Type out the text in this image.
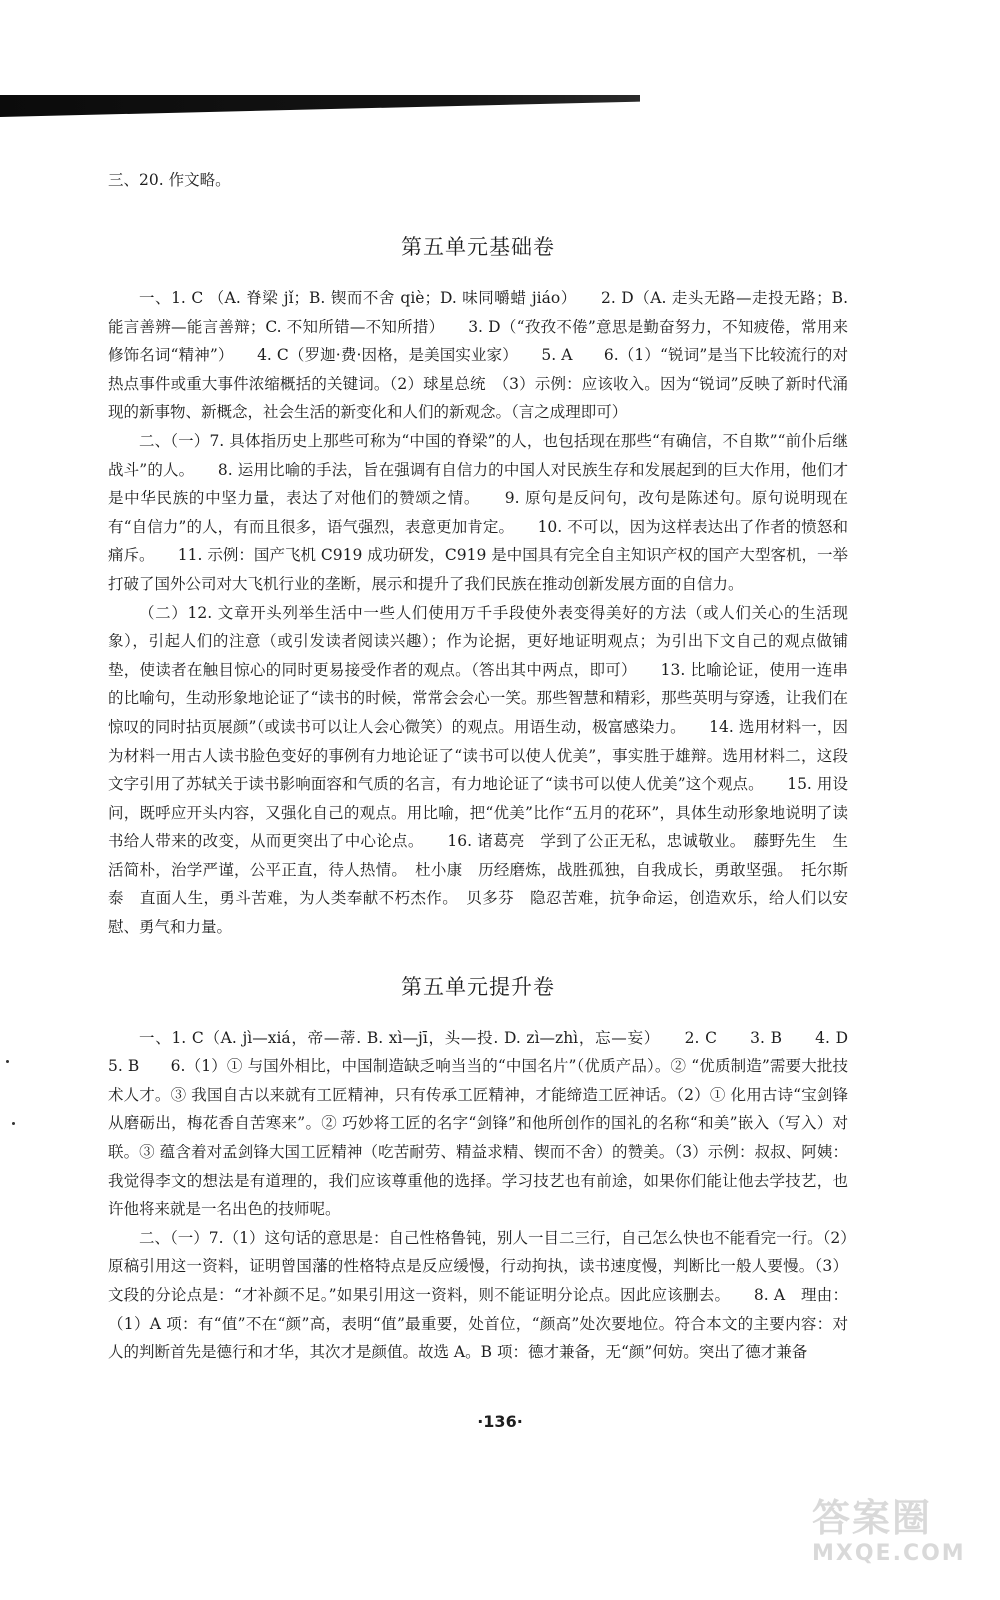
三、20. 作文略。

第五单元基础卷

一、1. C （A. 脊梁 jǐ；B. 锲而不舍 qiè；D. 味同嚼蜡 jiáo）　　2. D（A. 走头无路—走投无路；B. 能言善辨—能言善辩；C. 不知所错—不知所措）　　3. D（“孜孜不倦”意思是勤奋努力，不知疲倦，常用来修饰名词“精神”）　　4. C（罗迦·费·因格，是美国实业家）　　5. A　　6.（1）“锐词”是当下比较流行的对热点事件或重大事件浓缩概括的关键词。（2）球星总统　（3）示例：应该收入。因为“锐词”反映了新时代涌现的新事物、新概念，社会生活的新变化和人们的新观念。（言之成理即可）

二、（一）7. 具体指历史上那些可称为“中国的脊梁”的人，也包括现在那些“有确信，不自欺”“前仆后继战斗”的人。　　8. 运用比喻的手法，旨在强调有自信力的中国人对民族生存和发展起到的巨大作用，他们才是中华民族的中坚力量，表达了对他们的赞颂之情。　　9. 原句是反问句，改句是陈述句。原句说明现在有“自信力”的人，有而且很多，语气强烈，表意更加肯定。　　10. 不可以，因为这样表达出了作者的愤怒和痛斥。　　11. 示例：国产飞机 C919 成功研发，C919 是中国具有完全自主知识产权的国产大型客机，一举打破了国外公司对大飞机行业的垄断，展示和提升了我们民族在推动创新发展方面的自信力。

（二）12. 文章开头列举生活中一些人们使用万千手段使外表变得美好的方法（或人们关心的生活现象），引起人们的注意（或引发读者阅读兴趣）；作为论据，更好地证明观点；为引出下文自己的观点做铺垫，使读者在触目惊心的同时更易接受作者的观点。（答出其中两点，即可）　　13. 比喻论证，使用一连串的比喻句，生动形象地论证了“读书的时候，常常会会心一笑。那些智慧和精彩，那些英明与穿透，让我们在惊叹的同时拈页展颜”（或读书可以让人会心微笑）的观点。用语生动，极富感染力。　　14. 选用材料一，因为材料一用古人读书脸色变好的事例有力地论证了“读书可以使人优美”，事实胜于雄辩。选用材料二，这段文字引用了苏轼关于读书影响面容和气质的名言，有力地论证了“读书可以使人优美”这个观点。　　15. 用设问，既呼应开头内容，又强化自己的观点。用比喻，把“优美”比作“五月的花环”，具体生动形象地说明了读书给人带来的改变，从而更突出了中心论点。　　16. 诸葛亮　学到了公正无私，忠诚敬业。　藤野先生　生活简朴，治学严谨，公平正直，待人热情。　杜小康　历经磨炼，战胜孤独，自我成长，勇敢坚强。　托尔斯泰　直面人生，勇斗苦难，为人类奉献不朽杰作。　贝多芬　隐忍苦难，抗争命运，创造欢乐，给人们以安慰、勇气和力量。

第五单元提升卷

一、1. C（A. jì—xiá，帝—蒂. B. xì—jī，头—投. D. zì—zhì，忘—妄）　　2. C　　3. B　　4. D　　5. B　　6.（1）① 与国外相比，中国制造缺乏响当当的“中国名片”（优质产品）。② “优质制造”需要大批技术人才。③ 我国自古以来就有工匠精神，只有传承工匠精神，才能缔造工匠神话。（2）① 化用古诗“宝剑锋从磨砺出，梅花香自苦寒来”。② 巧妙将工匠的名字“剑锋”和他所创作的国礼的名称“和美”嵌入（写入）对联。③ 蕴含着对孟剑锋大国工匠精神（吃苦耐劳、精益求精、锲而不舍）的赞美。（3）示例：叔叔、阿姨：我觉得李文的想法是有道理的，我们应该尊重他的选择。学习技艺也有前途，如果你们能让他去学技艺，也许他将来就是一名出色的技师呢。

二、（一）7.（1）这句话的意思是：自己性格鲁钝，别人一目二三行，自己怎么快也不能看完一行。（2）原稿引用这一资料，证明曾国藩的性格特点是反应缓慢，行动拘执，读书速度慢，判断比一般人要慢。（3）文段的分论点是：“才补颜不足。”如果引用这一资料，则不能证明分论点。因此应该删去。　　8. A　理由：（1）A 项：有“值”不在“颜”高，表明“值”最重要，处首位，“颜高”处次要地位。符合本文的主要内容：对人的判断首先是德行和才华，其次才是颜值。故选 A。B 项：德才兼备，无“颜”何妨。突出了德才兼备

·136·
答案圈
MXQE.COM
